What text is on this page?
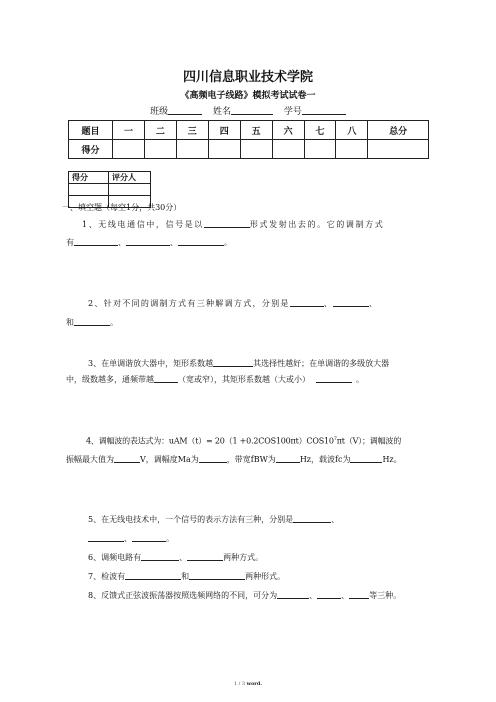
四川信息职业技术学院
《高频电子线路》模拟考试试卷一
班级	姓名	学号
题目	一	二	三	四	五	六	七	八	总分
得分									
得分	评分人

一、填空题（每空1分，共30分）
1、无线电通信中，信号是以	形式发射出去的。它的调制方式
有	、	、	。
2、针对不同的调制方式有三种解调方式，分别是	、	、
和	。
3、在单调谐放大器中，矩形系数越	其选择性越好；在单调谐的多级放大器
中，级数越多，通频带越	（宽或窄），其矩形系数越（大或小）	。
4、调幅波的表达式为：$uAM(t)= 20(1 +0.2COS100\pi t)COS10^7\pi t(V)$；调幅波的
振幅最大值为	V，调幅度Ma为	，带宽fBW为	Hz，载波fc为	Hz。
5、在无线电技术中，一个信号的表示方法有三种，分别是	、
、	。
6、调频电路有	、	两种方式。
7、检波有	和	两种形式。
8、反馈式正弦波振荡器按照选频网络的不同，可分为	、	、	等三种。
1 / 3 word.
